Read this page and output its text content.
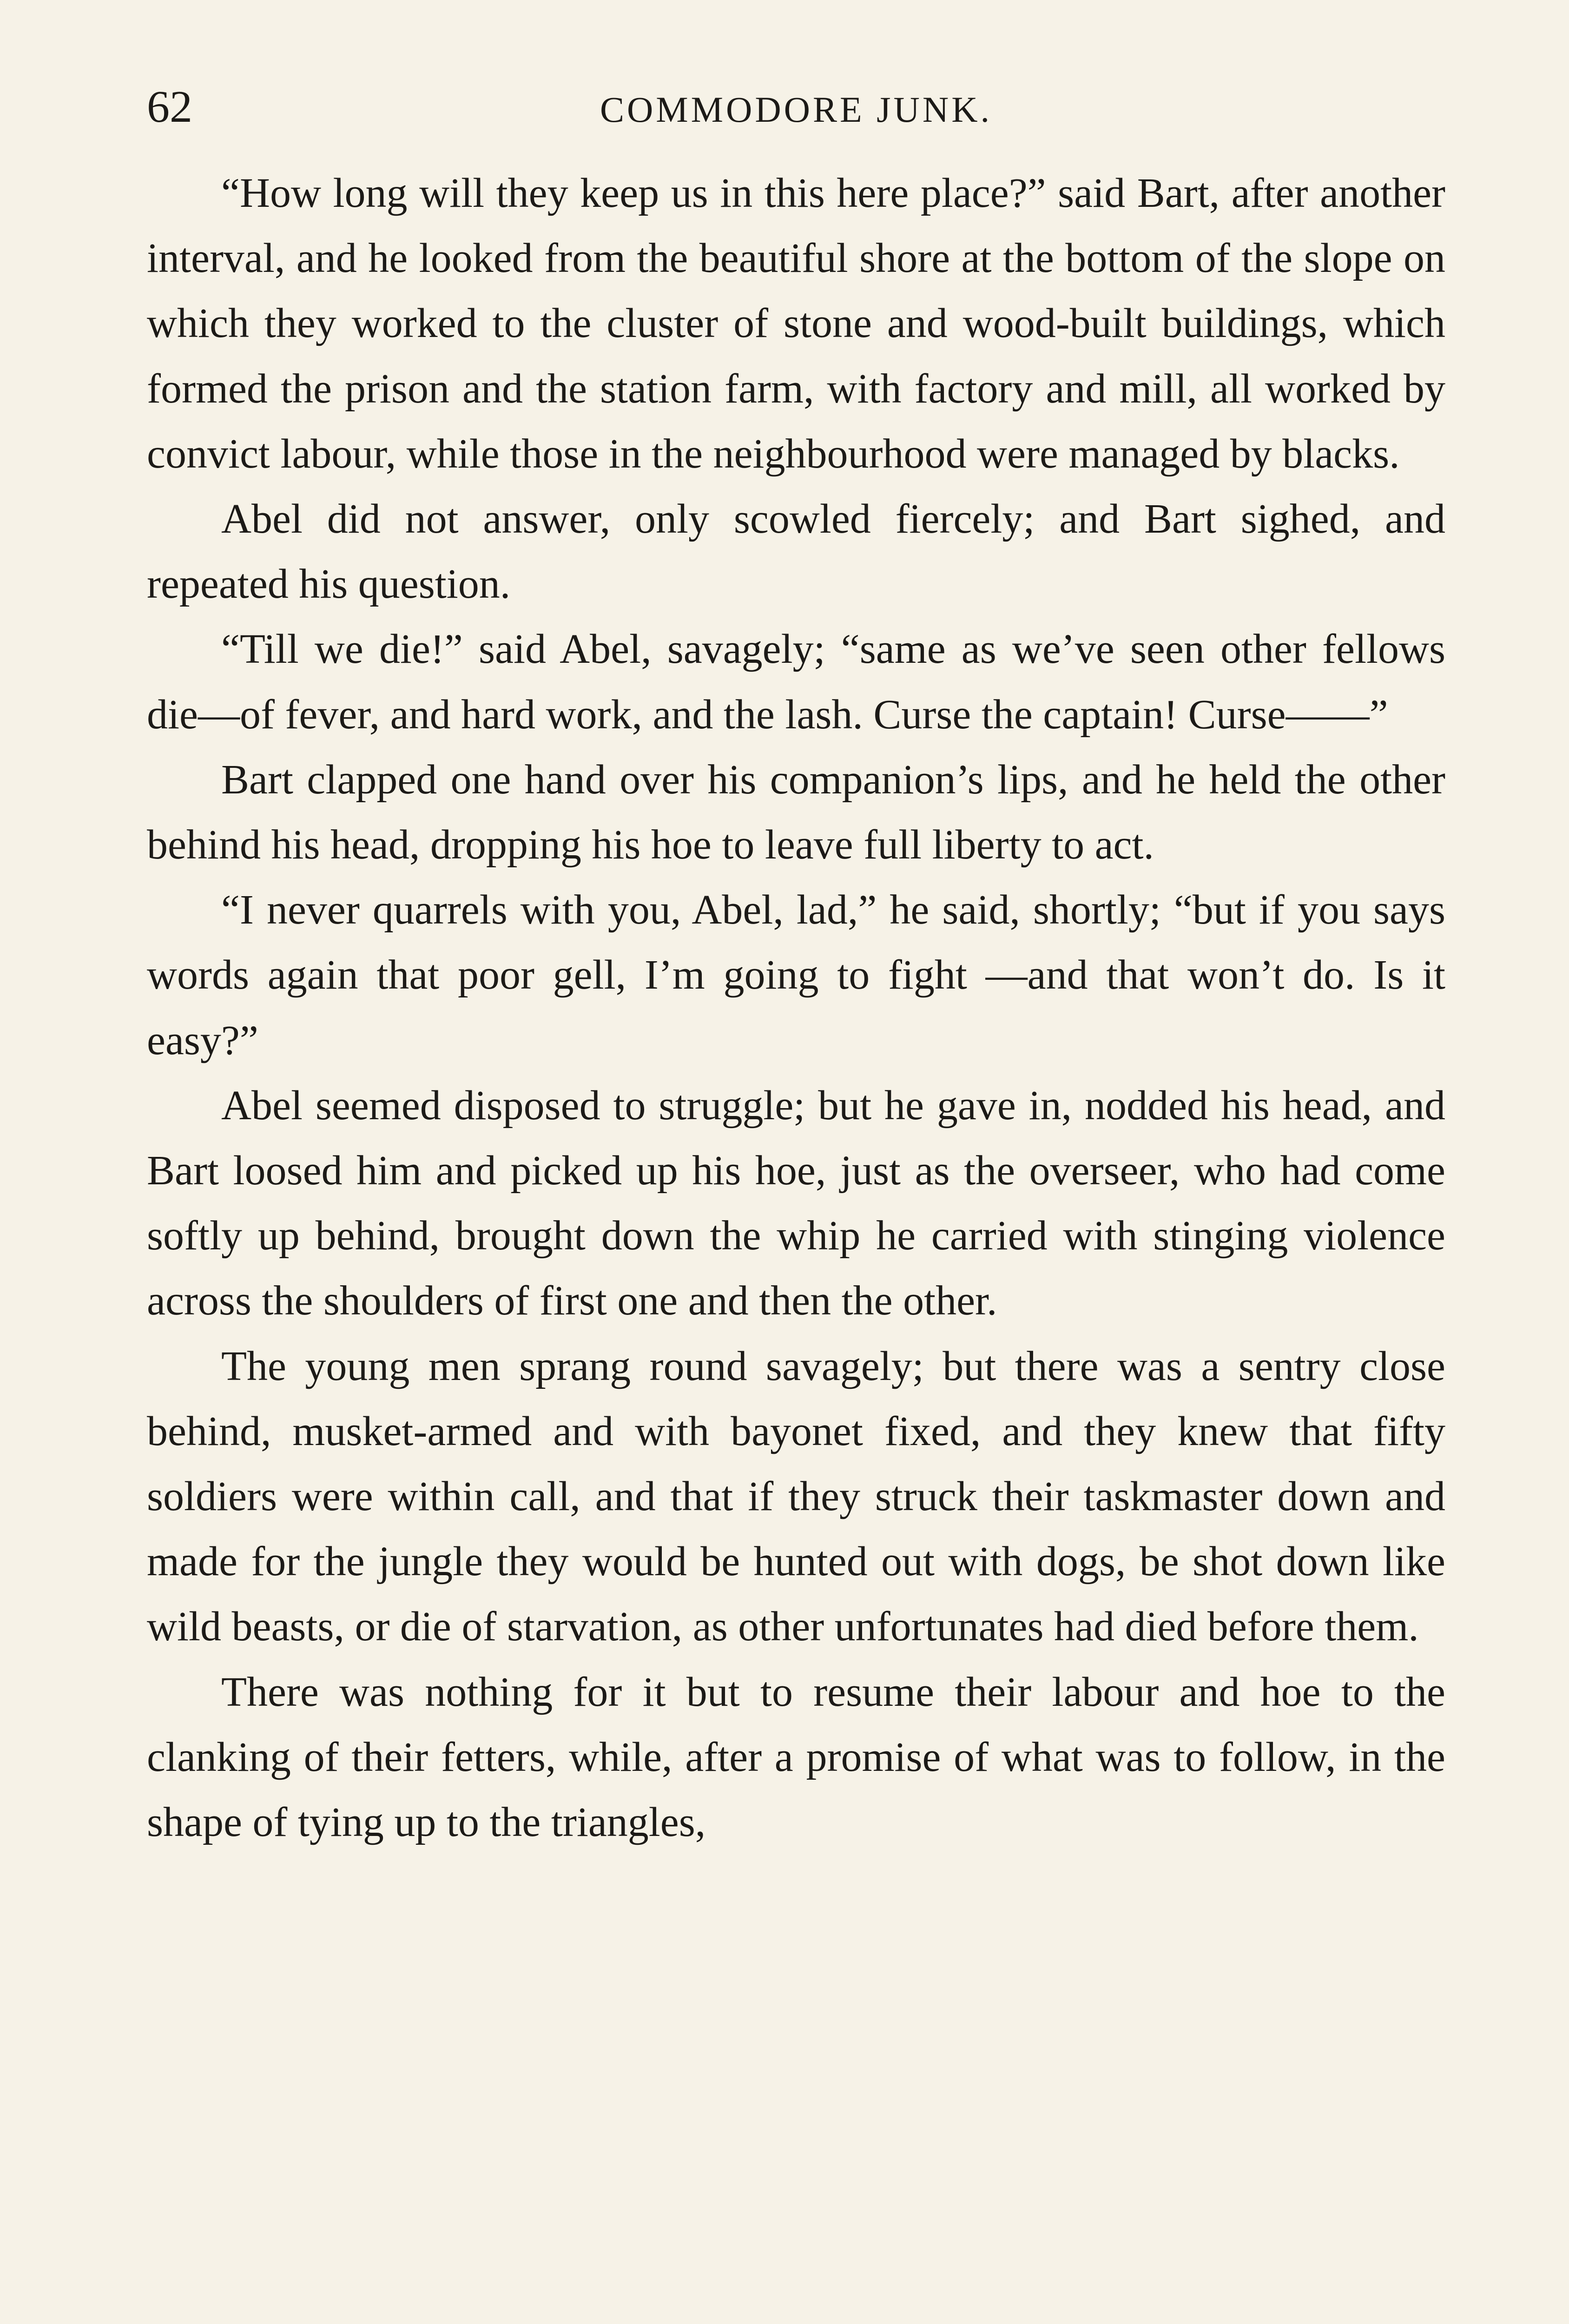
62	COMMODORE JUNK.

“How long will they keep us in this here place?” said Bart, after another interval, and he looked from the beautiful shore at the bottom of the slope on which they worked to the cluster of stone and wood-built buildings, which formed the prison and the station farm, with factory and mill, all worked by convict labour, while those in the neighbourhood were managed by blacks.

Abel did not answer, only scowled fiercely; and Bart sighed, and repeated his question.

“Till we die!” said Abel, savagely; “same as we’ve seen other fellows die—of fever, and hard work, and the lash. Curse the captain! Curse——”

Bart clapped one hand over his companion’s lips, and he held the other behind his head, dropping his hoe to leave full liberty to act.

“I never quarrels with you, Abel, lad,” he said, shortly; “but if you says words again that poor gell, I’m going to fight —and that won’t do. Is it easy?”

Abel seemed disposed to struggle; but he gave in, nodded his head, and Bart loosed him and picked up his hoe, just as the overseer, who had come softly up behind, brought down the whip he carried with stinging violence across the shoulders of first one and then the other.

The young men sprang round savagely; but there was a sentry close behind, musket-armed and with bayonet fixed, and they knew that fifty soldiers were within call, and that if they struck their taskmaster down and made for the jungle they would be hunted out with dogs, be shot down like wild beasts, or die of starvation, as other unfortunates had died before them.

There was nothing for it but to resume their labour and hoe to the clanking of their fetters, while, after a promise of what was to follow, in the shape of tying up to the triangles,
